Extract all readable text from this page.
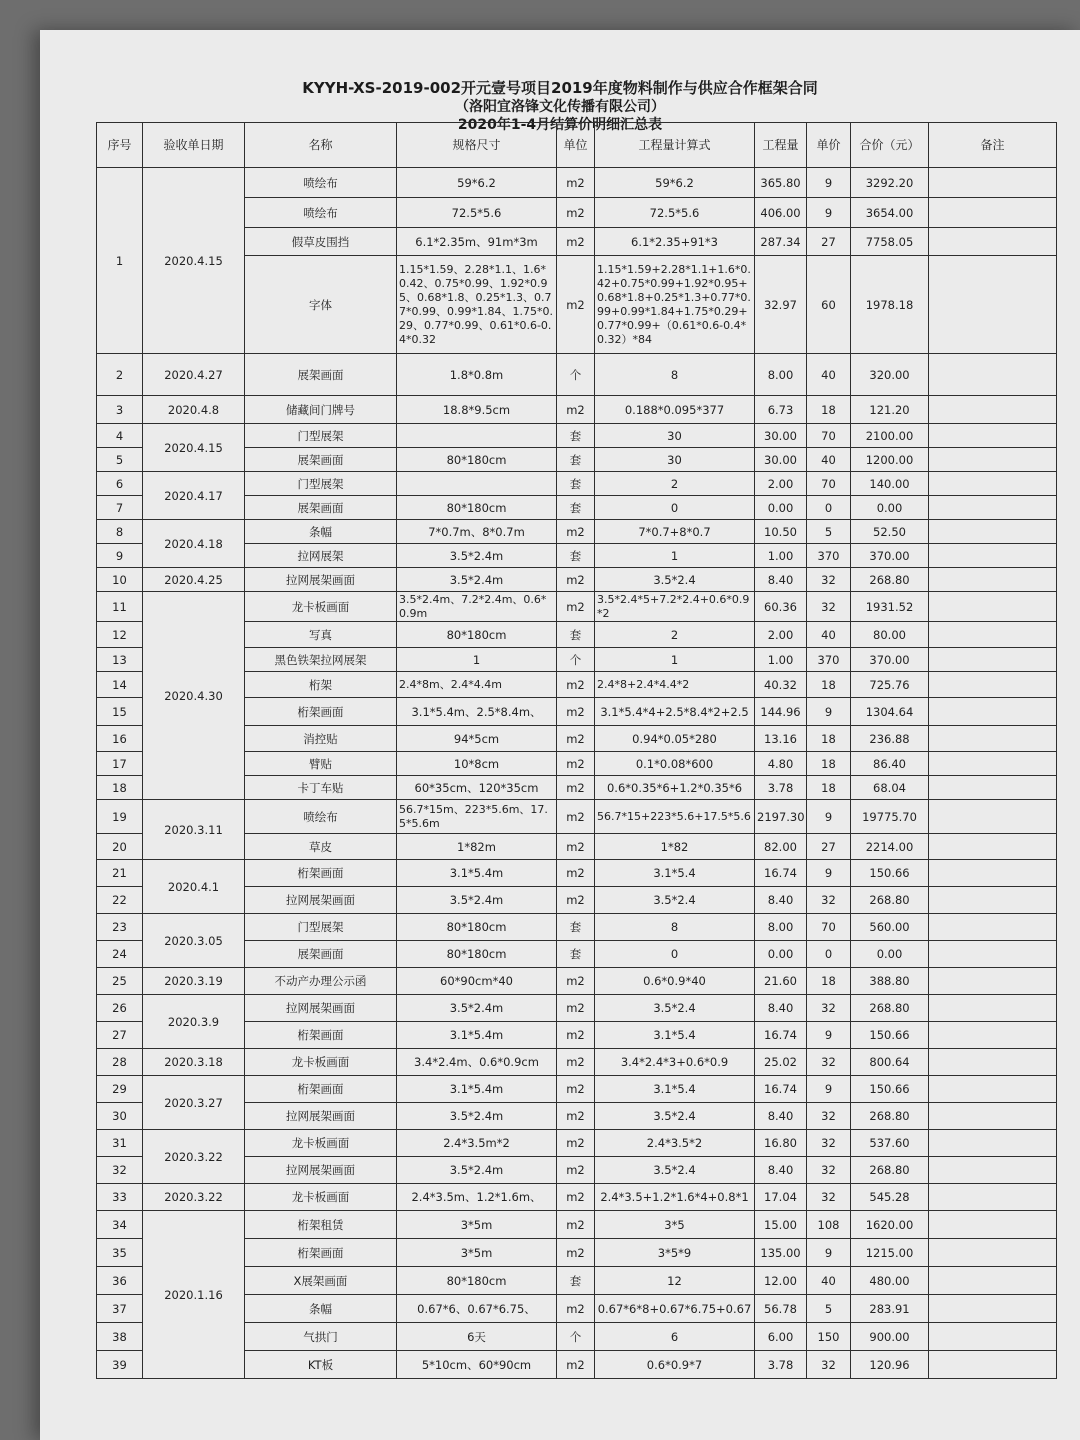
KYYH-XS-2019-002开元壹号项目2019年度物料制作与供应合作框架合同
（洛阳宜洛锋文化传播有限公司）
2020年1-4月结算价明细汇总表
序号	验收单日期	名称	规格尺寸	单位	工程量计算式	工程量	单价	合价（元）	备注
1	2020.4.15	喷绘布	59*6.2	m2	59*6.2	365.80	9	3292.20	
		喷绘布	72.5*5.6	m2	72.5*5.6	406.00	9	3654.00	
		假草皮围挡	6.1*2.35m、91m*3m	m2	6.1*2.35+91*3	287.34	27	7758.05	
		字体	1.15*1.59、2.28*1.1、1.6*0.42、0.75*0.99、1.92*0.95、0.68*1.8、0.25*1.3、0.77*0.99、0.99*1.84、1.75*0.29、0.77*0.99、0.61*0.6-0.4*0.32	m2	1.15*1.59+2.28*1.1+1.6*0.42+0.75*0.99+1.92*0.95+0.68*1.8+0.25*1.3+0.77*0.99+0.99*1.84+1.75*0.29+0.77*0.99+（0.61*0.6-0.4*0.32）*84	32.97	60	1978.18	
2	2020.4.27	展架画面	1.8*0.8m	个	8	8.00	40	320.00	
3	2020.4.8	储藏间门牌号	18.8*9.5cm	m2	0.188*0.095*377	6.73	18	121.20	
4	2020.4.15	门型展架		套	30	30.00	70	2100.00	
5		展架画面	80*180cm	套	30	30.00	40	1200.00	
6	2020.4.17	门型展架		套	2	2.00	70	140.00	
7		展架画面	80*180cm	套	0	0.00	0	0.00	
8	2020.4.18	条幅	7*0.7m、8*0.7m	m2	7*0.7+8*0.7	10.50	5	52.50	
9		拉网展架	3.5*2.4m	套	1	1.00	370	370.00	
10	2020.4.25	拉网展架画面	3.5*2.4m	m2	3.5*2.4	8.40	32	268.80	
11	2020.4.30	龙卡板画面	3.5*2.4m、7.2*2.4m、0.6*0.9m	m2	3.5*2.4*5+7.2*2.4+0.6*0.9*2	60.36	32	1931.52	
12		写真	80*180cm	套	2	2.00	40	80.00	
13		黑色铁架拉网展架	1	个	1	1.00	370	370.00	
14		桁架	2.4*8m、2.4*4.4m	m2	2.4*8+2.4*4.4*2	40.32	18	725.76	
15		桁架画面	3.1*5.4m、2.5*8.4m、	m2	3.1*5.4*4+2.5*8.4*2+2.5	144.96	9	1304.64	
16		消控贴	94*5cm	m2	0.94*0.05*280	13.16	18	236.88	
17		臂贴	10*8cm	m2	0.1*0.08*600	4.80	18	86.40	
18		卡丁车贴	60*35cm、120*35cm	m2	0.6*0.35*6+1.2*0.35*6	3.78	18	68.04	
19	2020.3.11	喷绘布	56.7*15m、223*5.6m、17.5*5.6m	m2	56.7*15+223*5.6+17.5*5.6	2197.30	9	19775.70	
20		草皮	1*82m	m2	1*82	82.00	27	2214.00	
21	2020.4.1	桁架画面	3.1*5.4m	m2	3.1*5.4	16.74	9	150.66	
22		拉网展架画面	3.5*2.4m	m2	3.5*2.4	8.40	32	268.80	
23	2020.3.05	门型展架	80*180cm	套	8	8.00	70	560.00	
24		展架画面	80*180cm	套	0	0.00	0	0.00	
25	2020.3.19	不动产办理公示函	60*90cm*40	m2	0.6*0.9*40	21.60	18	388.80	
26	2020.3.9	拉网展架画面	3.5*2.4m	m2	3.5*2.4	8.40	32	268.80	
27		桁架画面	3.1*5.4m	m2	3.1*5.4	16.74	9	150.66	
28	2020.3.18	龙卡板画面	3.4*2.4m、0.6*0.9cm	m2	3.4*2.4*3+0.6*0.9	25.02	32	800.64	
29	2020.3.27	桁架画面	3.1*5.4m	m2	3.1*5.4	16.74	9	150.66	
30		拉网展架画面	3.5*2.4m	m2	3.5*2.4	8.40	32	268.80	
31	2020.3.22	龙卡板画面	2.4*3.5m*2	m2	2.4*3.5*2	16.80	32	537.60	
32		拉网展架画面	3.5*2.4m	m2	3.5*2.4	8.40	32	268.80	
33	2020.3.22	龙卡板画面	2.4*3.5m、1.2*1.6m、	m2	2.4*3.5+1.2*1.6*4+0.8*1	17.04	32	545.28	
34	2020.1.16	桁架租赁	3*5m	m2	3*5	15.00	108	1620.00	
35		桁架画面	3*5m	m2	3*5*9	135.00	9	1215.00	
36		X展架画面	80*180cm	套	12	12.00	40	480.00	
37		条幅	0.67*6、0.67*6.75、	m2	0.67*6*8+0.67*6.75+0.67	56.78	5	283.91	
38		气拱门	6天	个	6	6.00	150	900.00	
39		KT板	5*10cm、60*90cm	m2	0.6*0.9*7	3.78	32	120.96	
